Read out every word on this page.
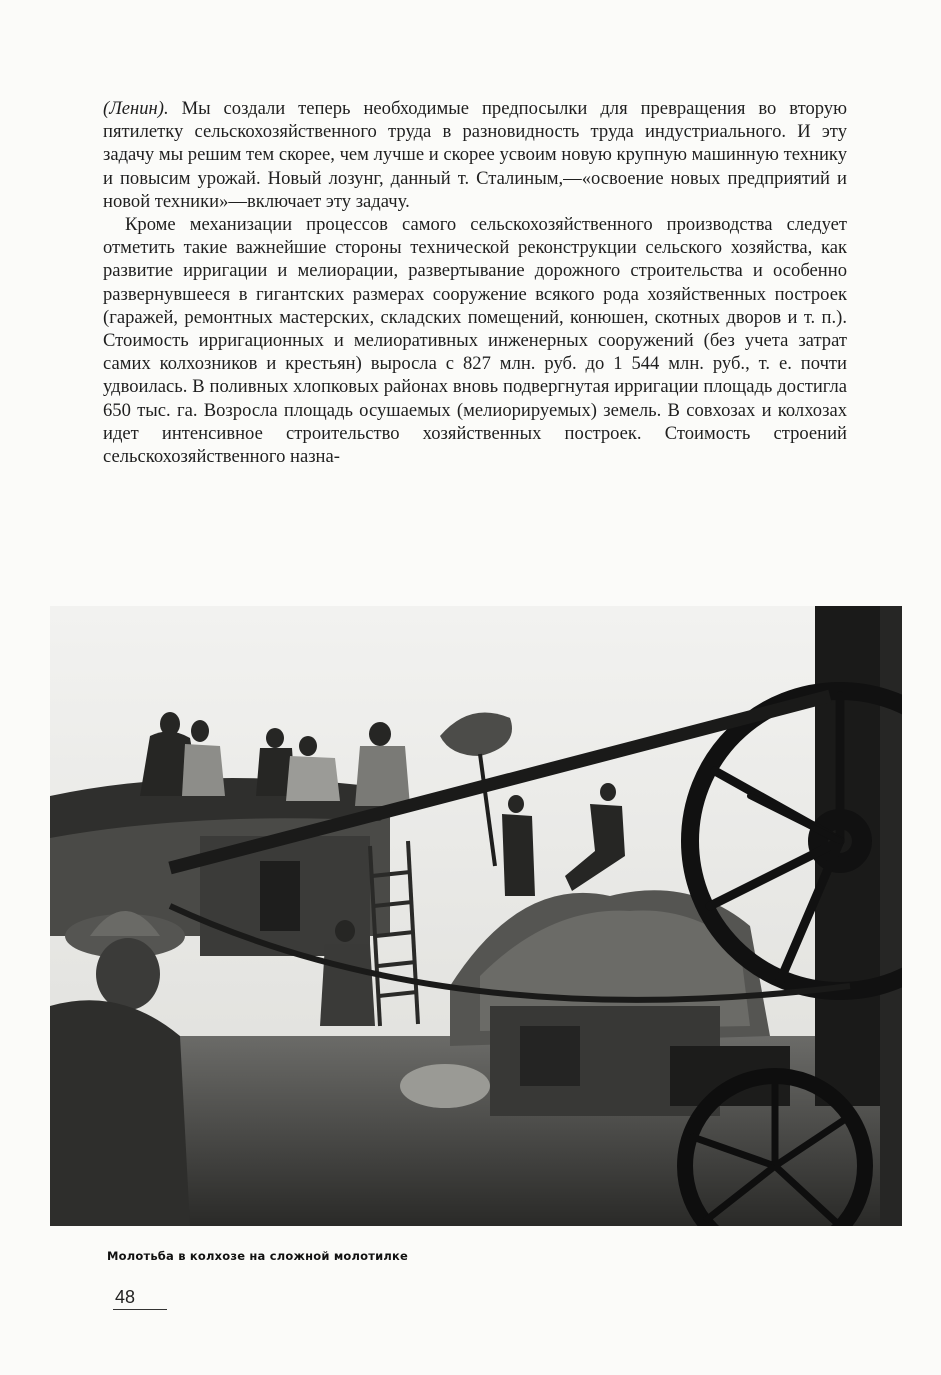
(Ленин). Мы создали теперь необходимые предпосылки для превращения во вторую пятилетку сельскохозяйственного труда в разновидность труда индустриального. И эту задачу мы решим тем скорее, чем лучше и скорее усвоим новую крупную машинную технику и повысим урожай. Новый лозунг, данный т. Сталиным,—«освоение новых предприятий и новой техники»—включает эту задачу.

Кроме механизации процессов самого сельскохозяйственного производства следует отметить такие важнейшие стороны технической реконструкции сельского хозяйства, как развитие ирригации и мелиорации, развертывание дорожного строительства и особенно развернувшееся в гигантских размерах сооружение всякого рода хозяйственных построек (гаражей, ремонтных мастерских, складских помещений, конюшен, скотных дворов и т. п.). Стоимость ирригационных и мелиоративных инженерных сооружений (без учета затрат самих колхозников и крестьян) выросла с 827 млн. руб. до 1 544 млн. руб., т. е. почти удвоилась. В поливных хлопковых районах вновь подвергнутая ирригации площадь достигла 650 тыс. га. Возросла площадь осушаемых (мелиорируемых) земель. В совхозах и колхозах идет интенсивное строительство хозяйственных построек. Стоимость строений сельскохозяйственного назна-

Молотьба в колхозе на сложной молотилке
48
